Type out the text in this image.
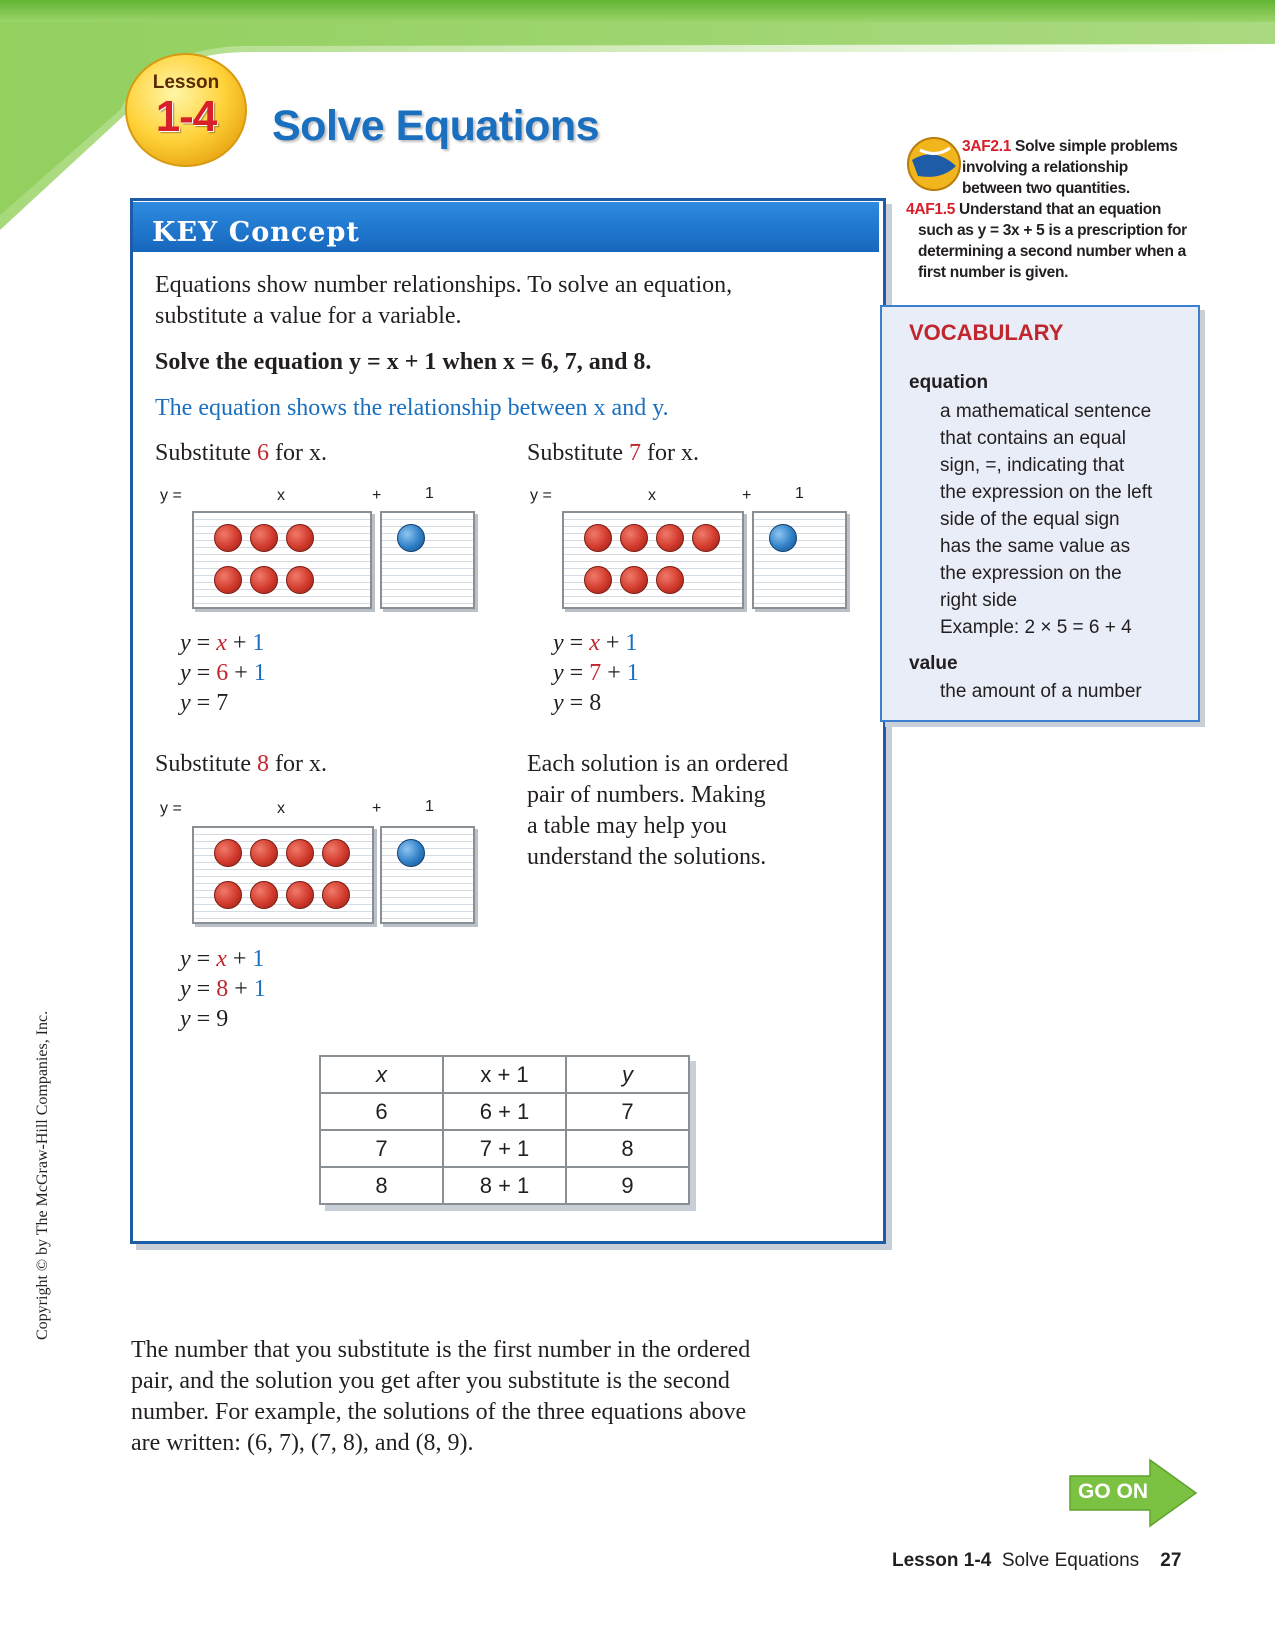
Lesson
1-4	Solve Equations	3AF2.1 Solve simple problems
involving a relationship
between two quantities.
4AF1.5 Understand that an equation
such as y = 3x + 5 is a prescription for
determining a second number when a
first number is given.
KEY Concept
Equations show number relationships. To solve an equation,
substitute a value for a variable.
Solve the equation y = x + 1 when x = 6, 7, and 8.
The equation shows the relationship between x and y.
Substitute 6 for x.
y =	x	+	1
y = x + 1
y = 6 + 1
y = 7
Substitute 7 for x.
y =	x	+	1
y = x + 1
y = 7 + 1
y = 8
Substitute 8 for x.
y =	x	+	1
y = x + 1
y = 8 + 1
y = 9
Each solution is an ordered
pair of numbers. Making
a table may help you
understand the solutions.
x	x + 1	y
6	6 + 1	7
7	7 + 1	8
8	8 + 1	9
VOCABULARY
equation
a mathematical sentence
that contains an equal
sign, =, indicating that
the expression on the left
side of the equal sign
has the same value as
the expression on the
right side
Example: 2 × 5 = 6 + 4
value
the amount of a number
Copyright © by The McGraw-Hill Companies, Inc.
The number that you substitute is the first number in the ordered
pair, and the solution you get after you substitute is the second
number. For example, the solutions of the three equations above
are written: (6, 7), (7, 8), and (8, 9).
GO ON
Lesson 1-4 Solve Equations 27
